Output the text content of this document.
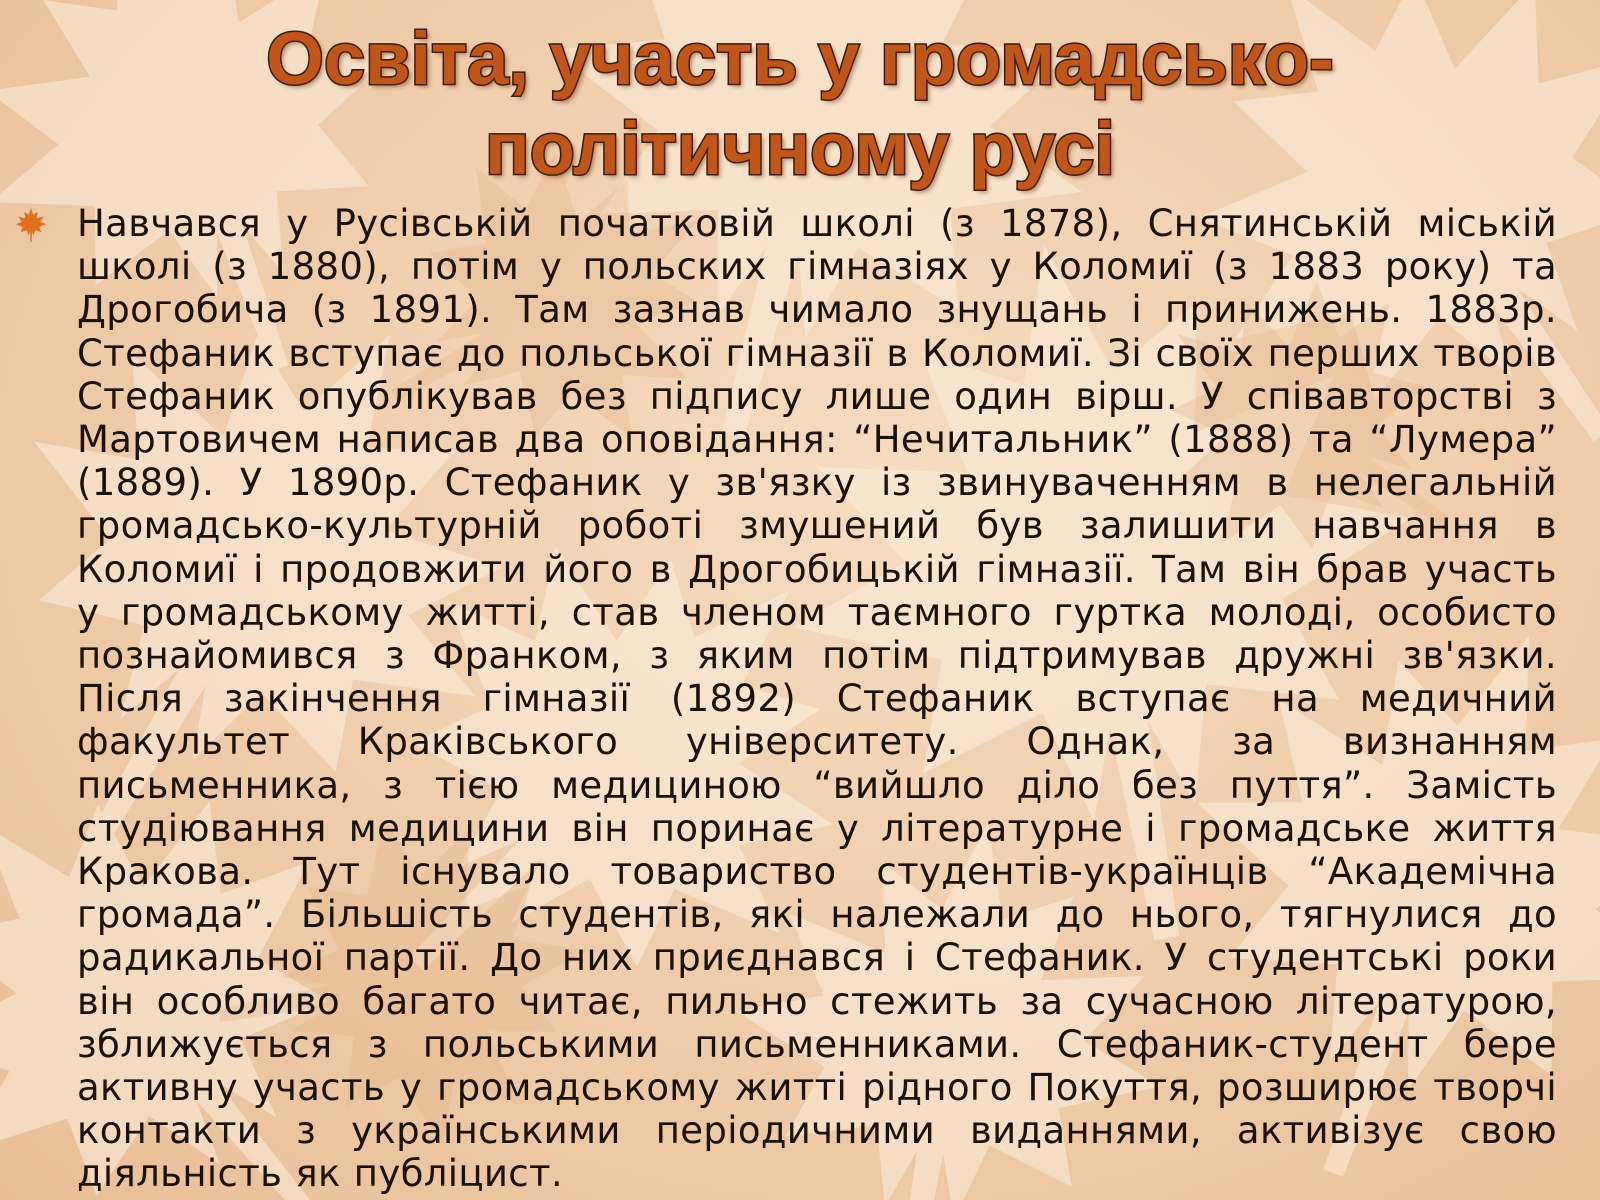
Освіта, участь у громадсько-політичному русі

Навчався у Русівській початковій школі (з 1878), Снятинській міській школі (з 1880), потім у польских гімназіях у Коломиї (з 1883 року) та Дрогобича (з 1891). Там зазнав чимало знущань і принижень. 1883р. Стефаник вступає до польської гімназії в Коломиї. Зі своїх перших творів Стефаник опублікував без підпису лише один вірш. У співавторстві з Мартовичем написав два оповідання: “Нечитальник” (1888) та “Лумера” (1889). У 1890р. Стефаник у зв'язку із звинуваченням в нелегальній громадсько-культурній роботі змушений був залишити навчання в Коломиї і продовжити його в Дрогобицькій гімназії. Там він брав участь у громадському житті, став членом таємного гуртка молоді, особисто познайомився з Франком, з яким потім підтримував дружні зв'язки. Після закінчення гімназії (1892) Стефаник вступає на медичний факультет Краківського університету. Однак, за визнанням письменника, з тією медициною “вийшло діло без пуття”. Замість студіювання медицини він поринає у літературне і громадське життя Кракова. Тут існувало товариство студентів-українців “Академічна громада”. Більшість студентів, які належали до нього, тягнулися до радикальної партії. До них приєднався і Стефаник. У студентські роки він особливо багато читає, пильно стежить за сучасною літературою, зближується з польськими письменниками. Стефаник-студент бере активну участь у громадському житті рідного Покуття, розширює творчі контакти з українськими періодичними виданнями, активізує свою діяльність як публіцист.
